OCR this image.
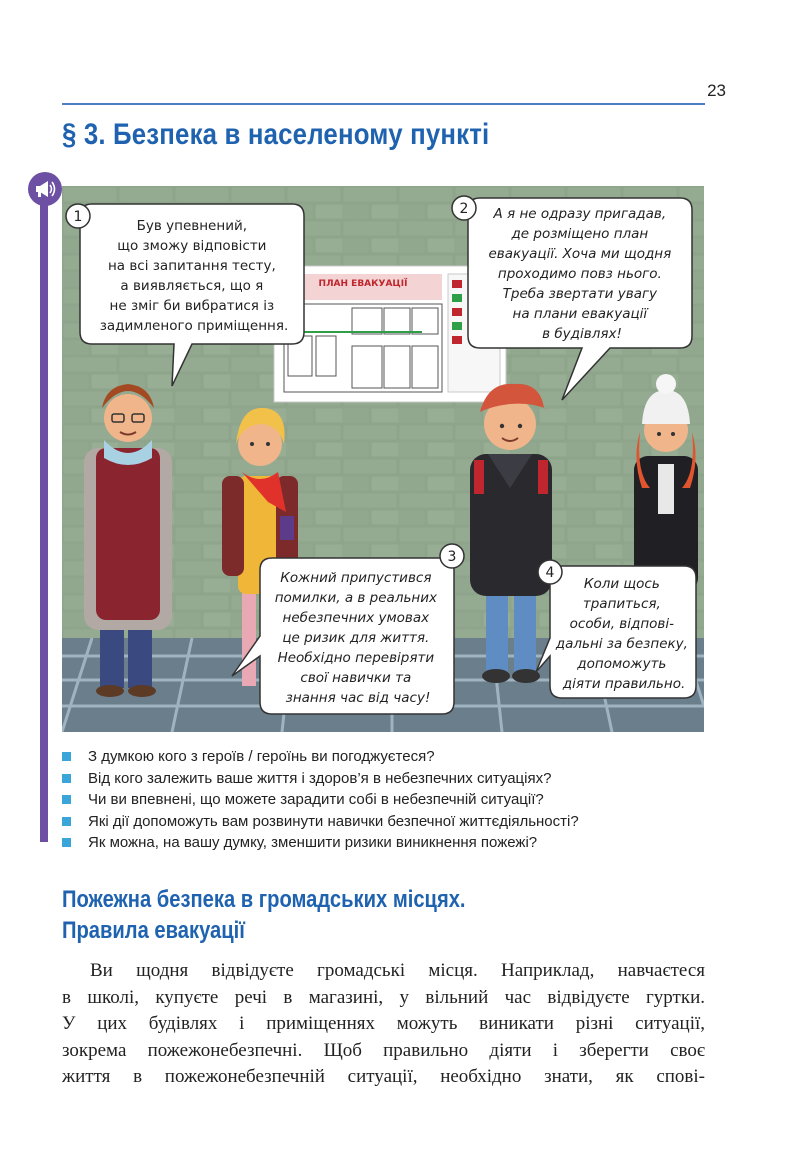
23
§ 3. Безпека в населеному пункті
ПЛАН ЕВАКУАЦІЇ
1
Був упевнений, що зможу відповісти на всі запитання тесту, а виявляється, що я не зміг би вибратися із задимленого приміщення.
2	А я не одразу пригадав, де розміщено план евакуації. Хоча ми щодня проходимо повз нього. Треба звертати увагу на плани евакуації в будівлях!
3
Кожний припустився помилки, а в реальних небезпечних умовах це ризик для життя. Необхідно перевіряти свої навички та знання час від часу!
4
Коли щось трапиться, особи, відпові- дальні за безпеку, допоможуть діяти правильно.
З думкою кого з героїв / героїнь ви погоджуєтеся?
Від кого залежить ваше життя і здоров’я в небезпечних ситуаціях?
Чи ви впевнені, що можете зарадити собі в небезпечній ситуації?
Які дії допоможуть вам розвинути навички безпечної життєдіяльності?
Як можна, на вашу думку, зменшити ризики виникнення пожежі?
Пожежна безпека в громадських місцях.
Правила евакуації

Ви щодня відвідуєте громадські місця. Наприклад, навчаєтеся
в школі, купуєте речі в магазині, у вільний час відвідуєте гуртки.
У цих будівлях і приміщеннях можуть виникати різні ситуації,
зокрема пожежонебезпечні. Щоб правильно діяти і зберегти своє
життя в пожежонебезпечній ситуації, необхідно знати, як спові-
